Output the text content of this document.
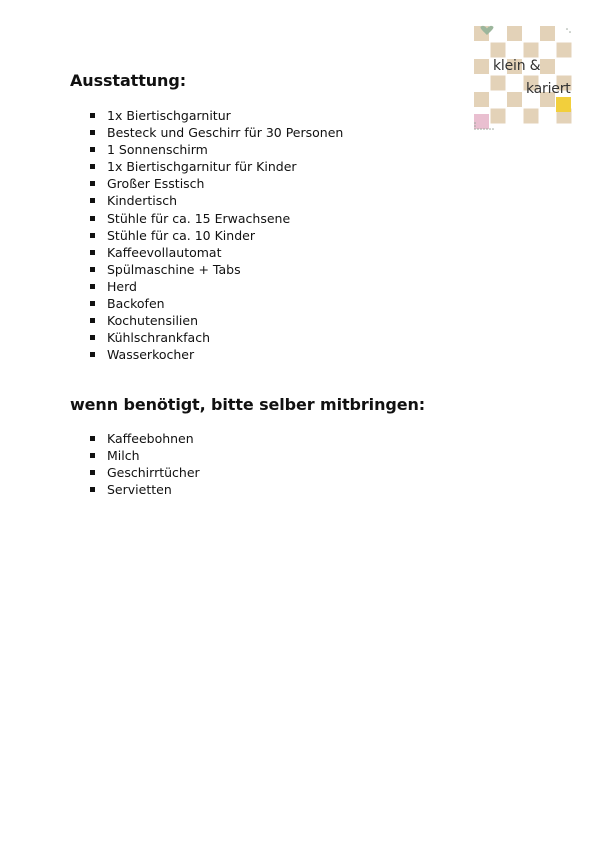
klein &
kariert
Ausstattung:
1x Biertischgarnitur
Besteck und Geschirr für 30 Personen
1 Sonnenschirm
1x Biertischgarnitur für Kinder
Großer Esstisch
Kindertisch
Stühle für ca. 15 Erwachsene
Stühle für ca. 10 Kinder
Kaffeevollautomat
Spülmaschine + Tabs
Herd
Backofen
Kochutensilien
Kühlschrankfach
Wasserkocher
wenn benötigt, bitte selber mitbringen:
Kaffeebohnen
Milch
Geschirrtücher
Servietten
